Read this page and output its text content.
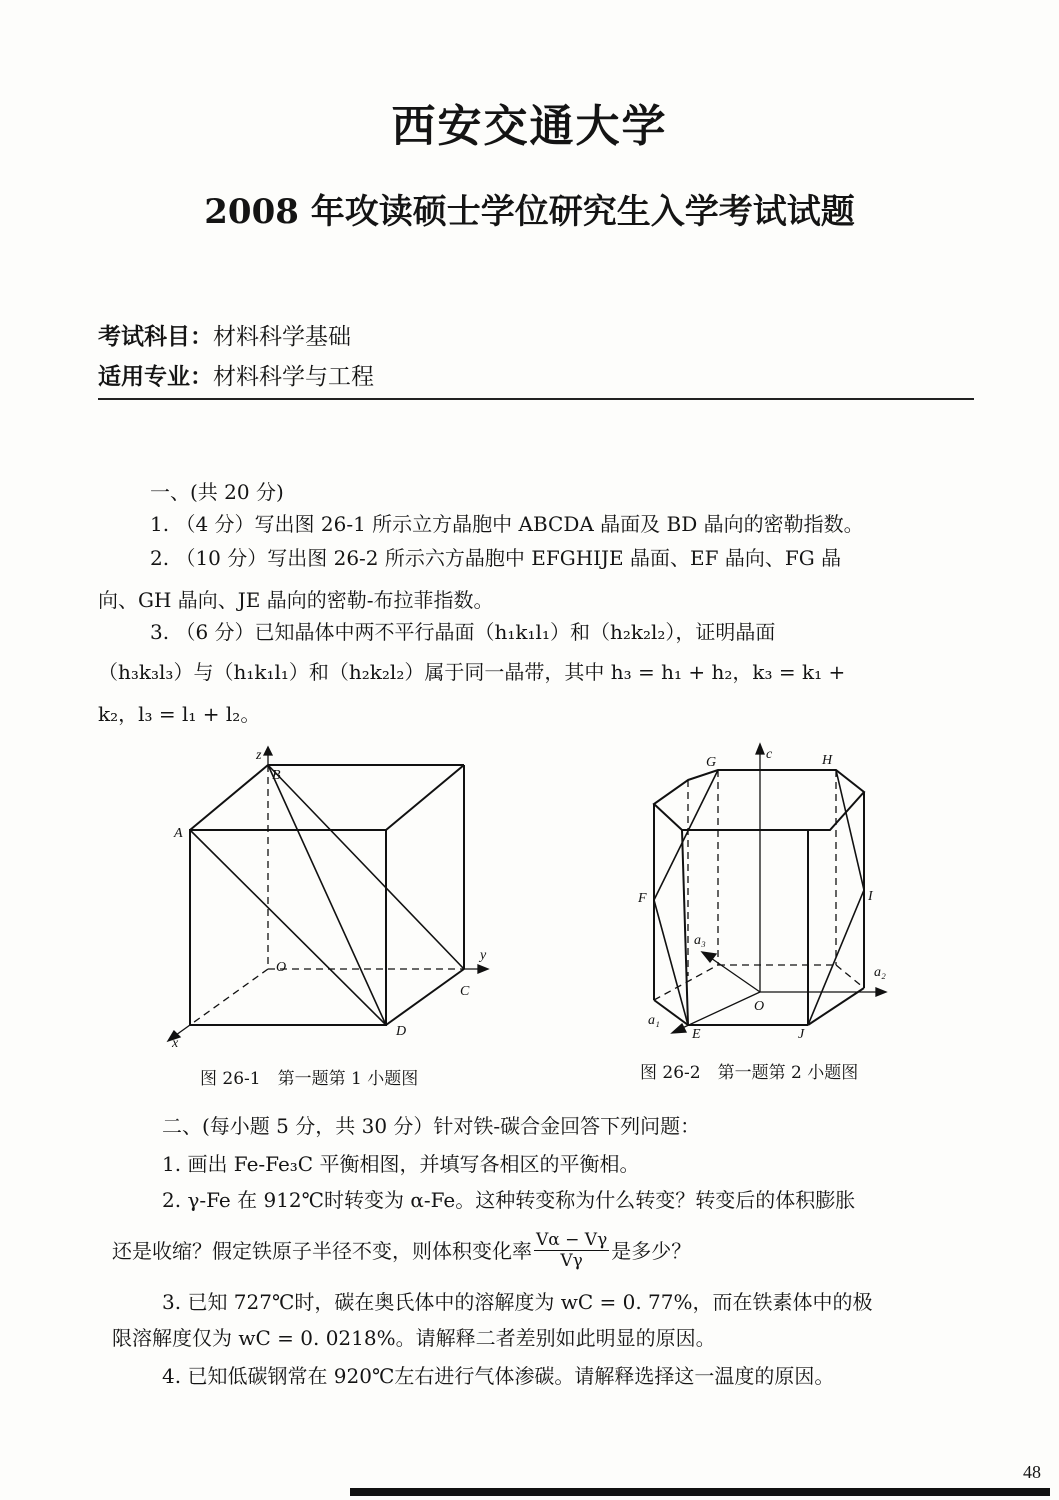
西安交通大学
2008 年攻读硕士学位研究生入学考试试题
考试科目：材料科学基础
适用专业：材料科学与工程
一、(共 20 分)
1. （4 分）写出图 26-1 所示立方晶胞中 ABCDA 晶面及 BD 晶向的密勒指数。
2. （10 分）写出图 26-2 所示六方晶胞中 EFGHIJE 晶面、EF 晶向、FG 晶
向、GH 晶向、JE 晶向的密勒-布拉菲指数。
3. （6 分）已知晶体中两不平行晶面（h₁k₁l₁）和（h₂k₂l₂），证明晶面
（h₃k₃l₃）与（h₁k₁l₁）和（h₂k₂l₂）属于同一晶带，其中 h₃ = h₁ + h₂，k₃ = k₁ +
k₂，l₃ = l₁ + l₂。
z
B
A
O
y
C
D
x
图 26-1　第一题第 1 小题图
c
G	H
F	I
a₃
a₂
O
a₁
E	J
图 26-2　第一题第 2 小题图
二、(每小题 5 分，共 30 分）针对铁-碳合金回答下列问题：
1. 画出 Fe-Fe₃C 平衡相图，并填写各相区的平衡相。
2. γ-Fe 在 912℃时转变为 α-Fe。这种转变称为什么转变？转变后的体积膨胀
还是收缩？假定铁原子半径不变，则体积变化率 $\frac{V\alpha - V\gamma}{V\gamma}$ 是多少？
3. 已知 727℃时，碳在奥氏体中的溶解度为 wC = 0. 77%，而在铁素体中的极
限溶解度仅为 wC = 0. 0218%。请解释二者差别如此明显的原因。
4. 已知低碳钢常在 920℃左右进行气体渗碳。请解释选择这一温度的原因。
48
